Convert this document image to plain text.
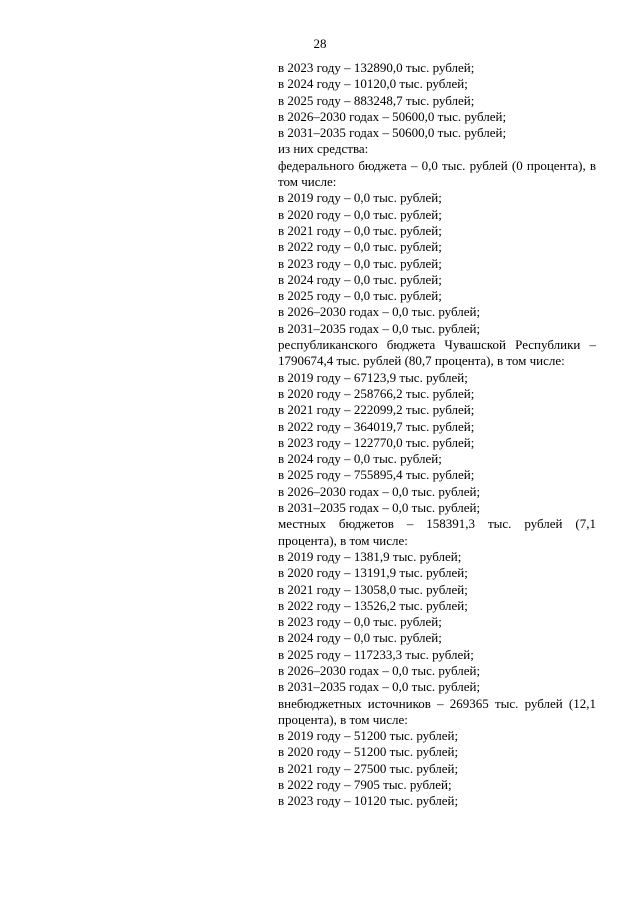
28
в 2023 году – 132890,0 тыс. рублей;
в 2024 году – 10120,0 тыс. рублей;
в 2025 году – 883248,7 тыс. рублей;
в 2026–2030 годах – 50600,0 тыс. рублей;
в 2031–2035 годах – 50600,0 тыс. рублей;
из них средства:
федерального бюджета – 0,0 тыс. рублей (0 процента), в том числе:
в 2019 году – 0,0 тыс. рублей;
в 2020 году – 0,0 тыс. рублей;
в 2021 году – 0,0 тыс. рублей;
в 2022 году – 0,0 тыс. рублей;
в 2023 году – 0,0 тыс. рублей;
в 2024 году – 0,0 тыс. рублей;
в 2025 году – 0,0 тыс. рублей;
в 2026–2030 годах – 0,0 тыс. рублей;
в 2031–2035 годах – 0,0 тыс. рублей;
республиканского бюджета Чувашской Республики – 1790674,4 тыс. рублей (80,7 процента), в том числе:
в 2019 году – 67123,9 тыс. рублей;
в 2020 году – 258766,2 тыс. рублей;
в 2021 году – 222099,2 тыс. рублей;
в 2022 году – 364019,7 тыс. рублей;
в 2023 году – 122770,0 тыс. рублей;
в 2024 году – 0,0 тыс. рублей;
в 2025 году – 755895,4 тыс. рублей;
в 2026–2030 годах – 0,0 тыс. рублей;
в 2031–2035 годах – 0,0 тыс. рублей;
местных бюджетов – 158391,3 тыс. рублей (7,1 процента), в том числе:
в 2019 году – 1381,9 тыс. рублей;
в 2020 году – 13191,9 тыс. рублей;
в 2021 году – 13058,0 тыс. рублей;
в 2022 году – 13526,2 тыс. рублей;
в 2023 году – 0,0 тыс. рублей;
в 2024 году – 0,0 тыс. рублей;
в 2025 году – 117233,3 тыс. рублей;
в 2026–2030 годах – 0,0 тыс. рублей;
в 2031–2035 годах – 0,0 тыс. рублей;
внебюджетных источников – 269365 тыс. рублей (12,1 процента), в том числе:
в 2019 году – 51200 тыс. рублей;
в 2020 году – 51200 тыс. рублей;
в 2021 году – 27500 тыс. рублей;
в 2022 году – 7905 тыс. рублей;
в 2023 году – 10120 тыс. рублей;
